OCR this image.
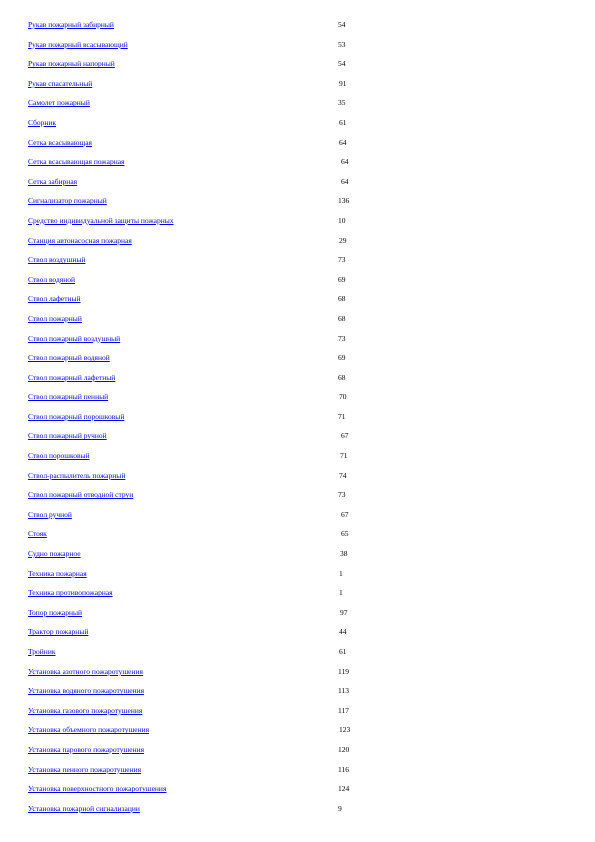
Рукав пожарный забирный	54
Рукав пожарный всасывающий	53
Рукав пожарный напорный	54
Рукав спасательный	91
Самолет пожарный	35
Сборник	61
Сетка всасывающая	64
Сетка всасывающая пожарная	64
Сетка забирная	64
Сигнализатор пожарный	136
Средство индивидуальной защиты пожарных	10
Станция автонасосная пожарная	29
Ствол воздушный	73
Ствол водяной	69
Ствол лафетный	68
Ствол пожарный	68
Ствол пожарный воздушный	73
Ствол пожарный водяной	69
Ствол пожарный лафетный	68
Ствол пожарный пенный	70
Ствол пожарный порошковый	71
Ствол пожарный ручной	67
Ствол порошковый	71
Ствол-распылитель пожарный	74
Ствол пожарный отводной струи	73
Ствол ручной	67
Стояк	65
Судно пожарное	38
Техника пожарная	1
Техника противопожарная	1
Топор пожарный	97
Трактор пожарный	44
Тройник	61
Установка азотного пожаротушения	119
Установка водяного пожаротушения	113
Установка газового пожаротушения	117
Установка объемного пожаротушения	123
Установка парового пожаротушения	120
Установка пенного пожаротушения	116
Установка поверхностного пожаротушения	124
Установка пожарной сигнализации	9
